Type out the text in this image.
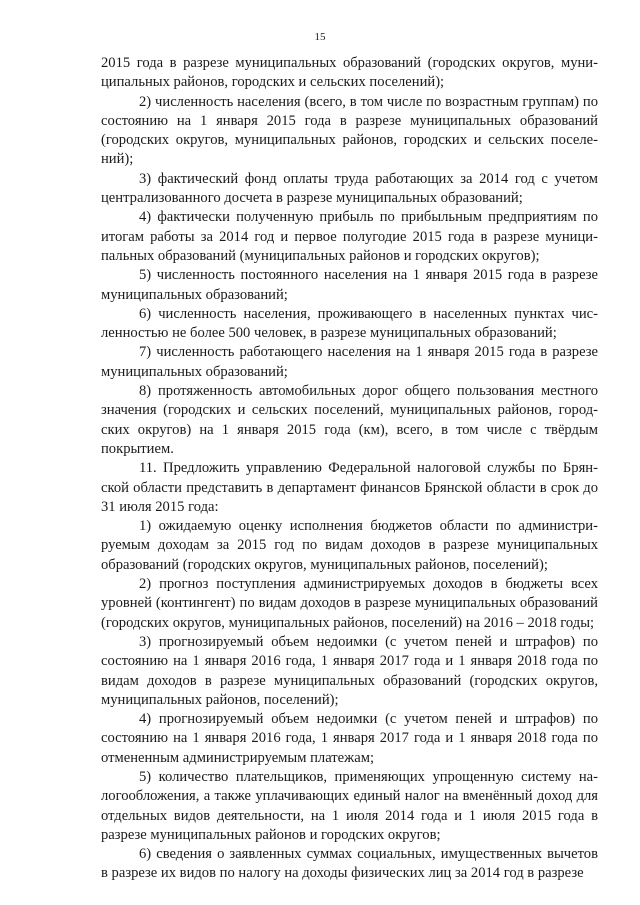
15

2015 года в разрезе муниципальных образований (городских округов, муниципальных районов, городских и сельских поселений);

2) численность населения (всего, в том числе по возрастным группам) по состоянию на 1 января 2015 года в разрезе муниципальных образований (городских округов, муниципальных районов, городских и сельских поселений);

3) фактический фонд оплаты труда работающих за 2014 год с учетом централизованного досчета в разрезе муниципальных образований;

4) фактически полученную прибыль по прибыльным предприятиям по итогам работы за 2014 год и первое полугодие 2015 года в разрезе муниципальных образований (муниципальных районов и городских округов);

5) численность постоянного населения на 1 января 2015 года в разрезе муниципальных образований;

6) численность населения, проживающего в населенных пунктах численностью не более 500 человек, в разрезе муниципальных образований;

7) численность работающего населения на 1 января 2015 года в разрезе муниципальных образований;

8) протяженность автомобильных дорог общего пользования местного значения (городских и сельских поселений, муниципальных районов, городских округов) на 1 января 2015 года (км), всего, в том числе с твёрдым покрытием.

11. Предложить управлению Федеральной налоговой службы по Брянской области представить в департамент финансов Брянской области в срок до 31 июля 2015 года:

1) ожидаемую оценку исполнения бюджетов области по администрируемым доходам за 2015 год по видам доходов в разрезе муниципальных образований (городских округов, муниципальных районов, поселений);

2) прогноз поступления администрируемых доходов в бюджеты всех уровней (контингент) по видам доходов в разрезе муниципальных образований (городских округов, муниципальных районов, поселений) на 2016 – 2018 годы;

3) прогнозируемый объем недоимки (с учетом пеней и штрафов) по состоянию на 1 января 2016 года, 1 января 2017 года и 1 января 2018 года по видам доходов в разрезе муниципальных образований (городских округов, муниципальных районов, поселений);

4) прогнозируемый объем недоимки (с учетом пеней и штрафов) по состоянию на 1 января 2016 года, 1 января 2017 года и 1 января 2018 года по отмененным администрируемым платежам;

5) количество плательщиков, применяющих упрощенную систему налогообложения, а также уплачивающих единый налог на вменённый доход для отдельных видов деятельности, на 1 июля 2014 года и 1 июля 2015 года в разрезе муниципальных районов и городских округов;

6) сведения о заявленных суммах социальных, имущественных вычетов в разрезе их видов по налогу на доходы физических лиц за 2014 год в разрезе
